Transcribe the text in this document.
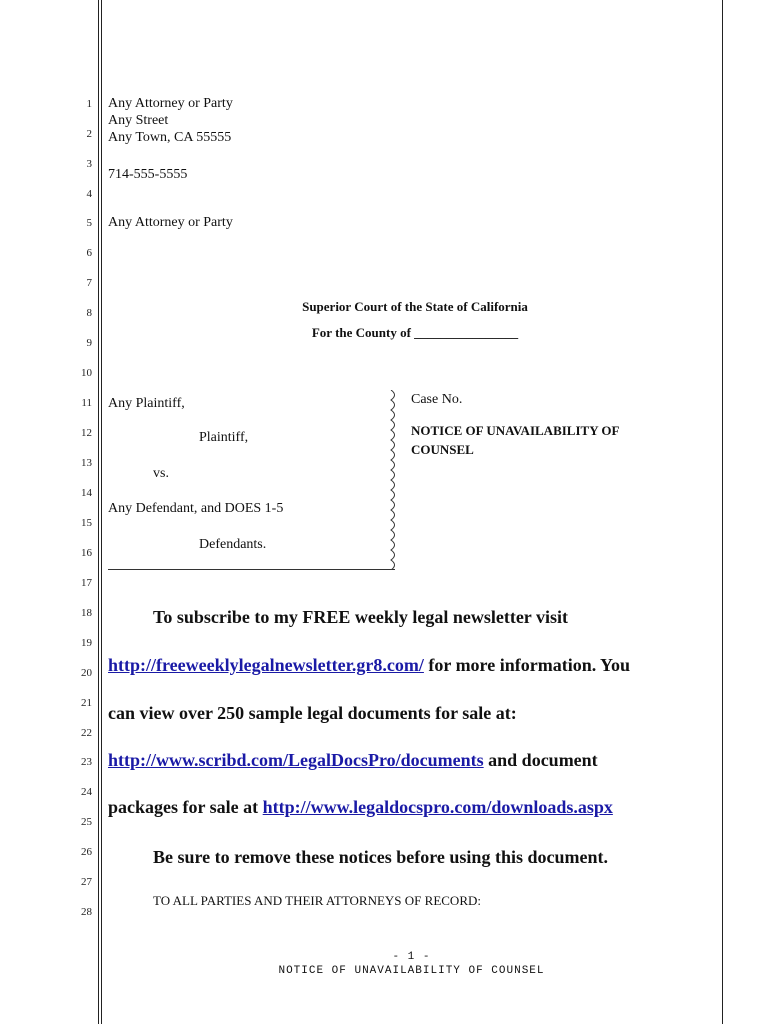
1
2
3
4
5
6
7
8
9
10
11
12
13
14
15
16
17
18
19
20
21
22
23
24
25
26
27
28
Any Attorney or Party
Any Street
Any Town, CA 55555
714-555-5555
Any Attorney or Party
Superior Court of the State of California
For the County of ________________
Any Plaintiff,
Plaintiff,
vs.
Any Defendant, and DOES 1-5
Defendants.
Case No.
NOTICE OF UNAVAILABILITY OF
COUNSEL
To subscribe to my FREE weekly legal newsletter visit
http://freeweeklylegalnewsletter.gr8.com/ for more information. You
can view over 250 sample legal documents for sale at:
http://www.scribd.com/LegalDocsPro/documents and document
packages for sale at http://www.legaldocspro.com/downloads.aspx
Be sure to remove these notices before using this document.
TO ALL PARTIES AND THEIR ATTORNEYS OF RECORD:
- 1 -
NOTICE OF UNAVAILABILITY OF COUNSEL
